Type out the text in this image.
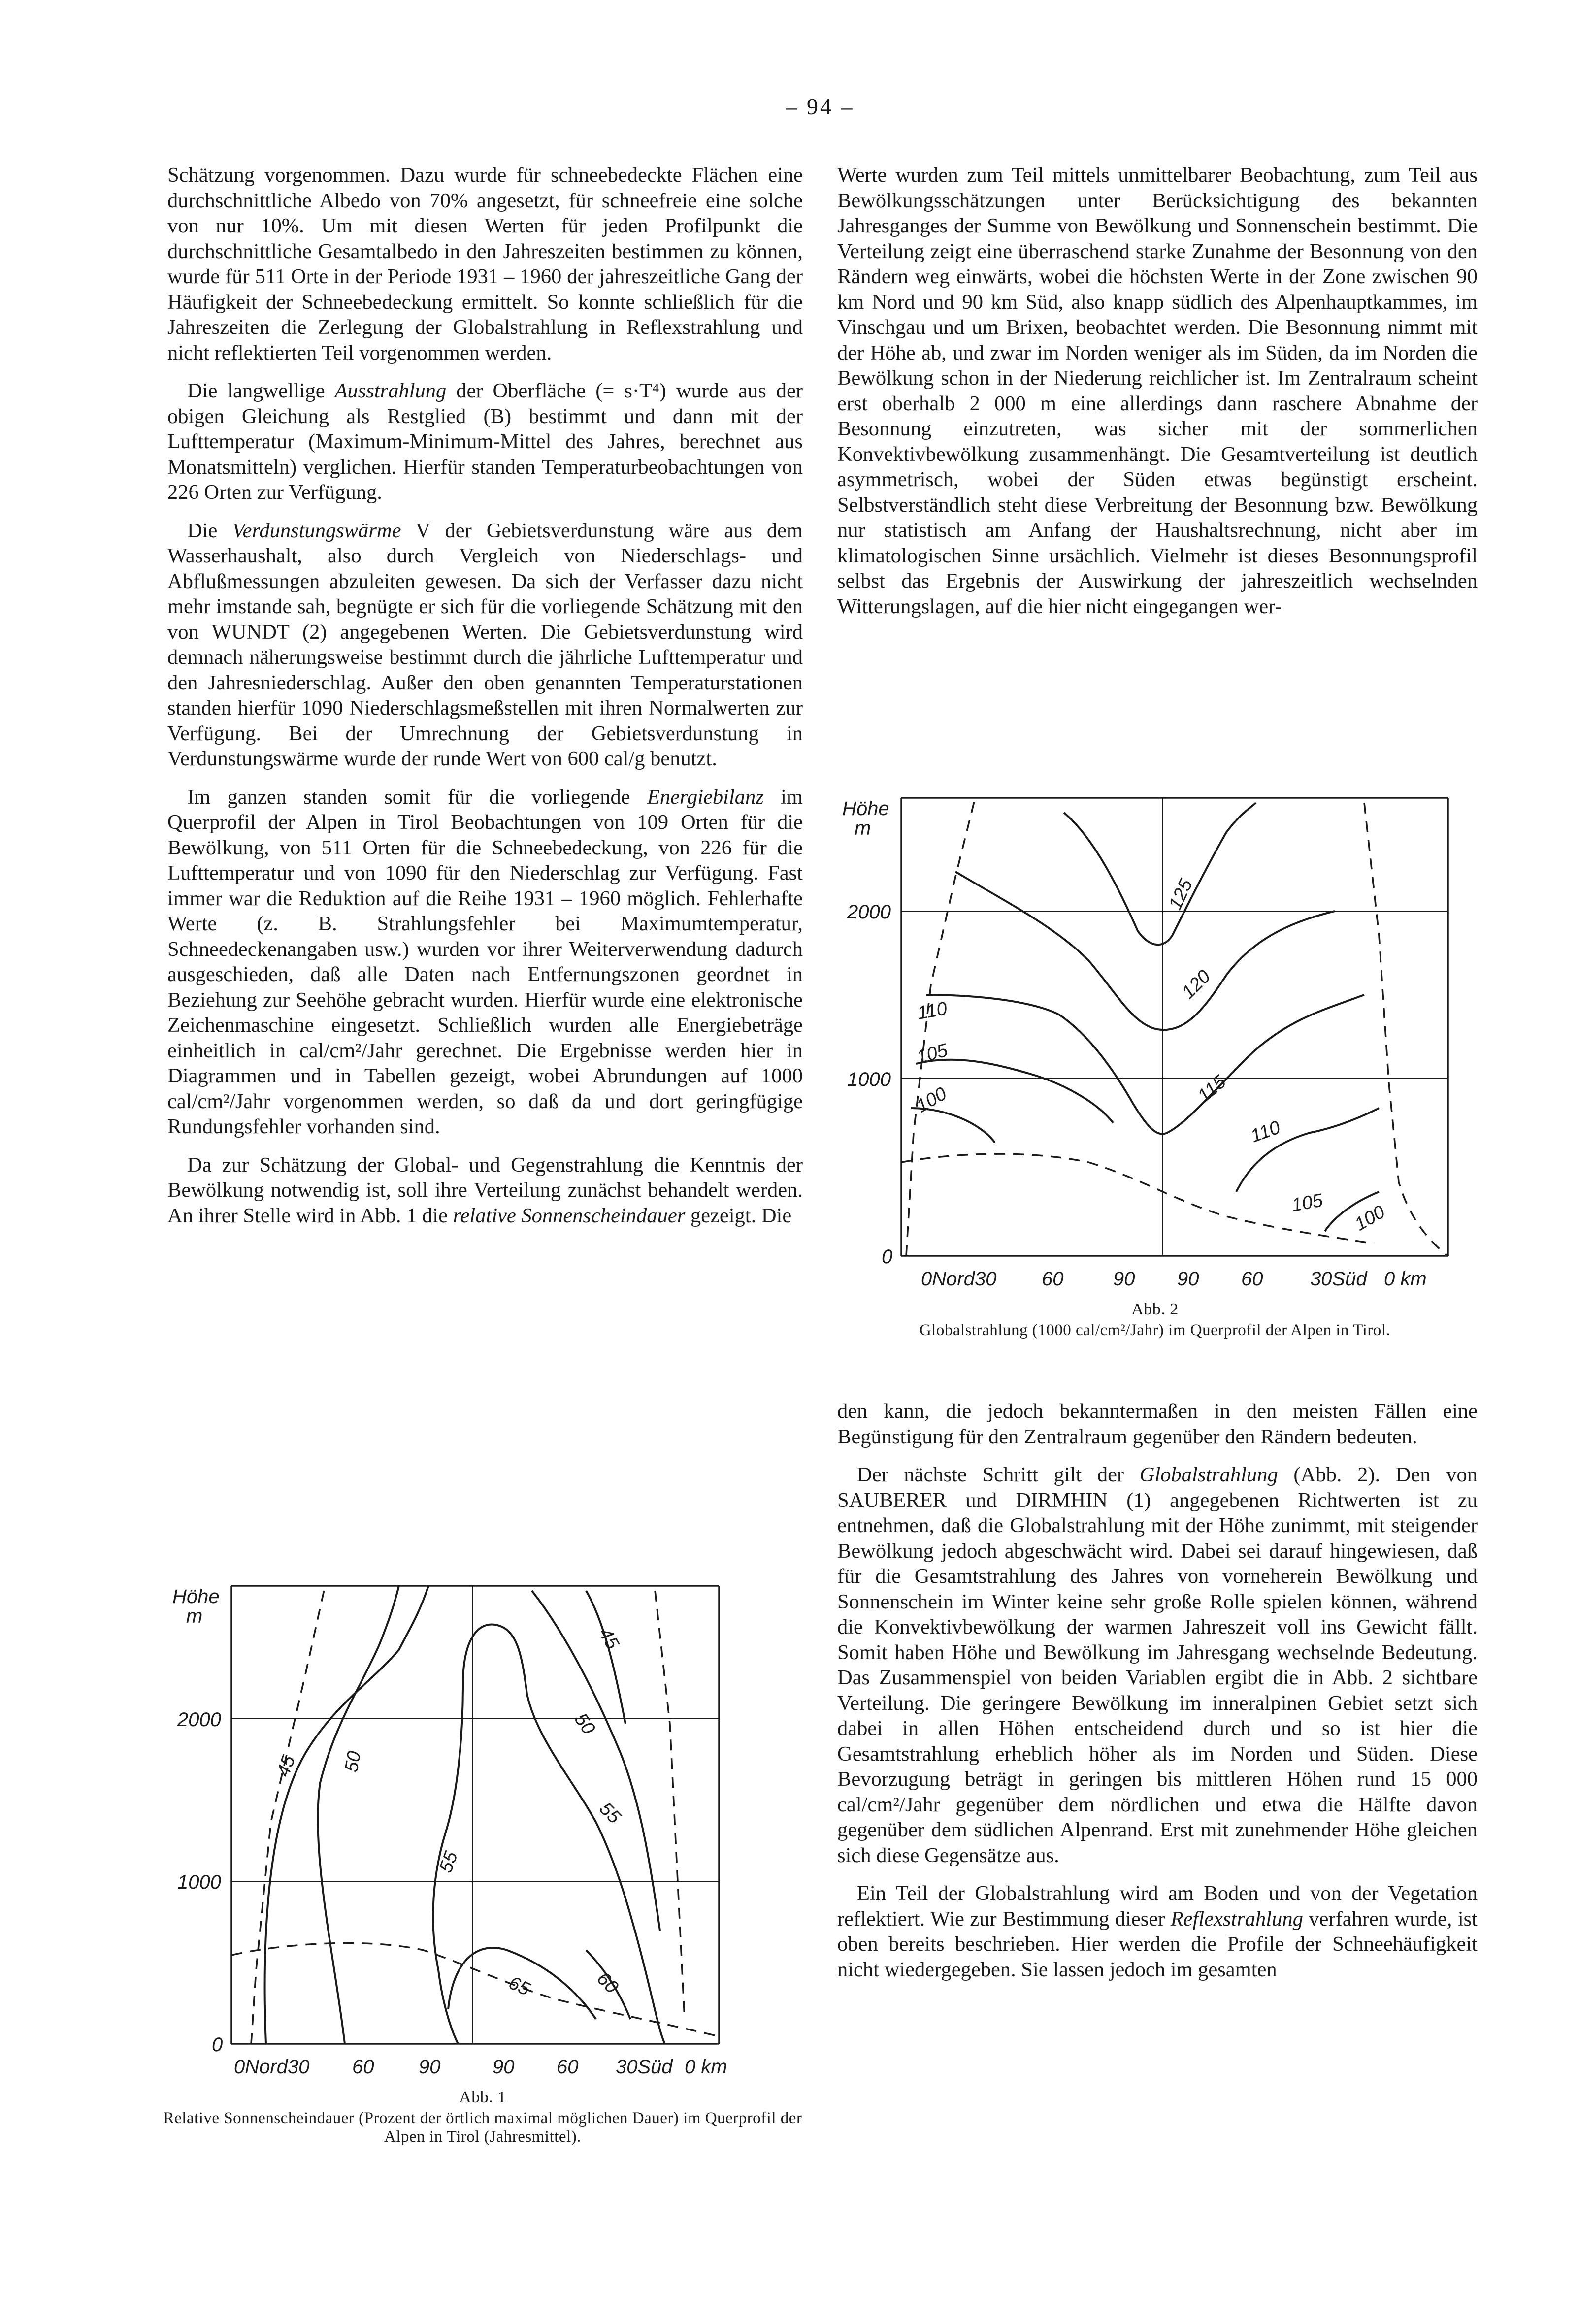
– 94 –

Schätzung vorgenommen. Dazu wurde für schneebedeckte Flächen eine durchschnittliche Albedo von 70% angesetzt, für schneefreie eine solche von nur 10%. Um mit diesen Werten für jeden Profilpunkt die durchschnittliche Gesamtalbedo in den Jahreszeiten bestimmen zu können, wurde für 511 Orte in der Periode 1931 – 1960 der jahreszeitliche Gang der Häufigkeit der Schneebedeckung ermittelt. So konnte schließlich für die Jahreszeiten die Zerlegung der Globalstrahlung in Reflexstrahlung und nicht reflektierten Teil vorgenommen werden.

Die langwellige Ausstrahlung der Oberfläche (= s·T⁴) wurde aus der obigen Gleichung als Restglied (B) bestimmt und dann mit der Lufttemperatur (Maximum-Minimum-Mittel des Jahres, berechnet aus Monatsmitteln) verglichen. Hierfür standen Temperaturbeobachtungen von 226 Orten zur Verfügung.

Die Verdunstungswärme V der Gebietsverdunstung wäre aus dem Wasserhaushalt, also durch Vergleich von Niederschlags- und Abflußmessungen abzuleiten gewesen. Da sich der Verfasser dazu nicht mehr imstande sah, begnügte er sich für die vorliegende Schätzung mit den von WUNDT (2) angegebenen Werten. Die Gebietsverdunstung wird demnach näherungsweise bestimmt durch die jährliche Lufttemperatur und den Jahresniederschlag. Außer den oben genannten Temperaturstationen standen hierfür 1090 Niederschlagsmeßstellen mit ihren Normalwerten zur Verfügung. Bei der Umrechnung der Gebietsverdunstung in Verdunstungswärme wurde der runde Wert von 600 cal/g benutzt.

Im ganzen standen somit für die vorliegende Energiebilanz im Querprofil der Alpen in Tirol Beobachtungen von 109 Orten für die Bewölkung, von 511 Orten für die Schneebedeckung, von 226 für die Lufttemperatur und von 1090 für den Niederschlag zur Verfügung. Fast immer war die Reduktion auf die Reihe 1931 – 1960 möglich. Fehlerhafte Werte (z. B. Strahlungsfehler bei Maximumtemperatur, Schneedeckenangaben usw.) wurden vor ihrer Weiterverwendung dadurch ausgeschieden, daß alle Daten nach Entfernungszonen geordnet in Beziehung zur Seehöhe gebracht wurden. Hierfür wurde eine elektronische Zeichenmaschine eingesetzt. Schließlich wurden alle Energiebeträge einheitlich in cal/cm²/Jahr gerechnet. Die Ergebnisse werden hier in Diagrammen und in Tabellen gezeigt, wobei Abrundungen auf 1000 cal/cm²/Jahr vorgenommen werden, so daß da und dort geringfügige Rundungsfehler vorhanden sind.

Da zur Schätzung der Global- und Gegenstrahlung die Kenntnis der Bewölkung notwendig ist, soll ihre Verteilung zunächst behandelt werden. An ihrer Stelle wird in Abb. 1 die relative Sonnenscheindauer gezeigt. Die

Werte wurden zum Teil mittels unmittelbarer Beobachtung, zum Teil aus Bewölkungsschätzungen unter Berücksichtigung des bekannten Jahresganges der Summe von Bewölkung und Sonnenschein bestimmt. Die Verteilung zeigt eine überraschend starke Zunahme der Besonnung von den Rändern weg einwärts, wobei die höchsten Werte in der Zone zwischen 90 km Nord und 90 km Süd, also knapp südlich des Alpenhauptkammes, im Vinschgau und um Brixen, beobachtet werden. Die Besonnung nimmt mit der Höhe ab, und zwar im Norden weniger als im Süden, da im Norden die Bewölkung schon in der Niederung reichlicher ist. Im Zentralraum scheint erst oberhalb 2 000 m eine allerdings dann raschere Abnahme der Besonnung einzutreten, was sicher mit der sommerlichen Konvektivbewölkung zusammenhängt. Die Gesamtverteilung ist deutlich asymmetrisch, wobei der Süden etwas begünstigt erscheint. Selbstverständlich steht diese Verbreitung der Besonnung bzw. Bewölkung nur statistisch am Anfang der Haushaltsrechnung, nicht aber im klimatologischen Sinne ursächlich. Vielmehr ist dieses Besonnungsprofil selbst das Ergebnis der Auswirkung der jahreszeitlich wechselnden Witterungslagen, auf die hier nicht eingegangen wer-

den kann, die jedoch bekanntermaßen in den meisten Fällen eine Begünstigung für den Zentralraum gegenüber den Rändern bedeuten.

Der nächste Schritt gilt der Globalstrahlung (Abb. 2). Den von SAUBERER und DIRMHIN (1) angegebenen Richtwerten ist zu entnehmen, daß die Globalstrahlung mit der Höhe zunimmt, mit steigender Bewölkung jedoch abgeschwächt wird. Dabei sei darauf hingewiesen, daß für die Gesamtstrahlung des Jahres von vorneherein Bewölkung und Sonnenschein im Winter keine sehr große Rolle spielen können, während die Konvektivbewölkung der warmen Jahreszeit voll ins Gewicht fällt. Somit haben Höhe und Bewölkung im Jahresgang wechselnde Bedeutung. Das Zusammenspiel von beiden Variablen ergibt die in Abb. 2 sichtbare Verteilung. Die geringere Bewölkung im inneralpinen Gebiet setzt sich dabei in allen Höhen entscheidend durch und so ist hier die Gesamtstrahlung erheblich höher als im Norden und Süden. Diese Bevorzugung beträgt in geringen bis mittleren Höhen rund 15 000 cal/cm²/Jahr gegenüber dem nördlichen und etwa die Hälfte davon gegenüber dem südlichen Alpenrand. Erst mit zunehmender Höhe gleichen sich diese Gegensätze aus.

Ein Teil der Globalstrahlung wird am Boden und von der Vegetation reflektiert. Wie zur Bestimmung dieser Reflexstrahlung verfahren wurde, ist oben bereits beschrieben. Hier werden die Profile der Schneehäufigkeit nicht wiedergegeben. Sie lassen jedoch im gesamten

Höhe
m
2000
1000
0
0Nord30 60 90	90 60 30Süd 0 km
45 50
50
55
55
60
65
45
Abb. 1
Relative Sonnenscheindauer (Prozent der örtlich maximal möglichen Dauer) im Querprofil der Alpen in Tirol (Jahresmittel).
Höhe
m
2000
1000
0
0Nord30 60	90 90 60 30Süd 0 km
125
120
110
105
115
100
110
105 100
Abb. 2
Globalstrahlung (1000 cal/cm²/Jahr) im Querprofil der Alpen in Tirol.
